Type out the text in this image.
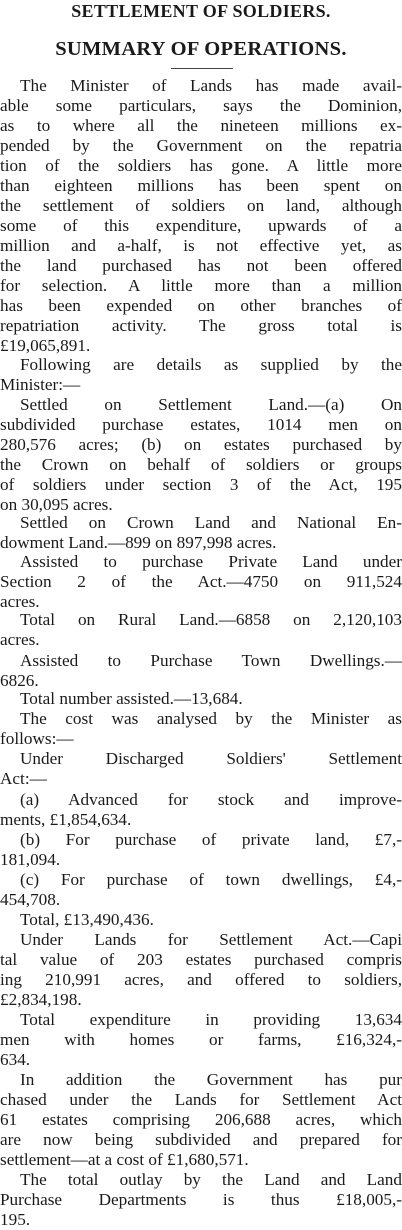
SETTLEMENT OF SOLDIERS.
SUMMARY OF OPERATIONS.
The Minister of Lands has made avail-
able some particulars, says the Dominion,
as to where all the nineteen millions ex-
pended by the Government on the repatria
tion of the soldiers has gone. A little more
than eighteen millions has been spent on
the settlement of soldiers on land, although
some of this expenditure, upwards of a
million and a-half, is not effective yet, as
the land purchased has not been offered
for selection. A little more than a million
has been expended on other branches of
repatriation activity. The gross total is
£19,065,891.
Following are details as supplied by the
Minister:—
Settled on Settlement Land.—(a) On
subdivided purchase estates, 1014 men on
280,576 acres; (b) on estates purchased by
the Crown on behalf of soldiers or groups
of soldiers under section 3 of the Act, 195
on 30,095 acres.
Settled on Crown Land and National En-
dowment Land.—899 on 897,998 acres.
Assisted to purchase Private Land under
Section 2 of the Act.—4750 on 911,524
acres.
Total on Rural Land.—6858 on 2,120,103
acres.
Assisted to Purchase Town Dwellings.—
6826.
Total number assisted.—13,684.
The cost was analysed by the Minister as
follows:—
Under Discharged Soldiers' Settlement
Act:—
(a) Advanced for stock and improve-
ments, £1,854,634.
(b) For purchase of private land, £7,-
181,094.
(c) For purchase of town dwellings, £4,-
454,708.
Total, £13,490,436.
Under Lands for Settlement Act.—Capi
tal value of 203 estates purchased compris
ing 210,991 acres, and offered to soldiers,
£2,834,198.
Total expenditure in providing 13,634
men with homes or farms, £16,324,-
634.
In addition the Government has pur
chased under the Lands for Settlement Act
61 estates comprising 206,688 acres, which
are now being subdivided and prepared for
settlement—at a cost of £1,680,571.
The total outlay by the Land and Land
Purchase Departments is thus £18,005,-
195.
